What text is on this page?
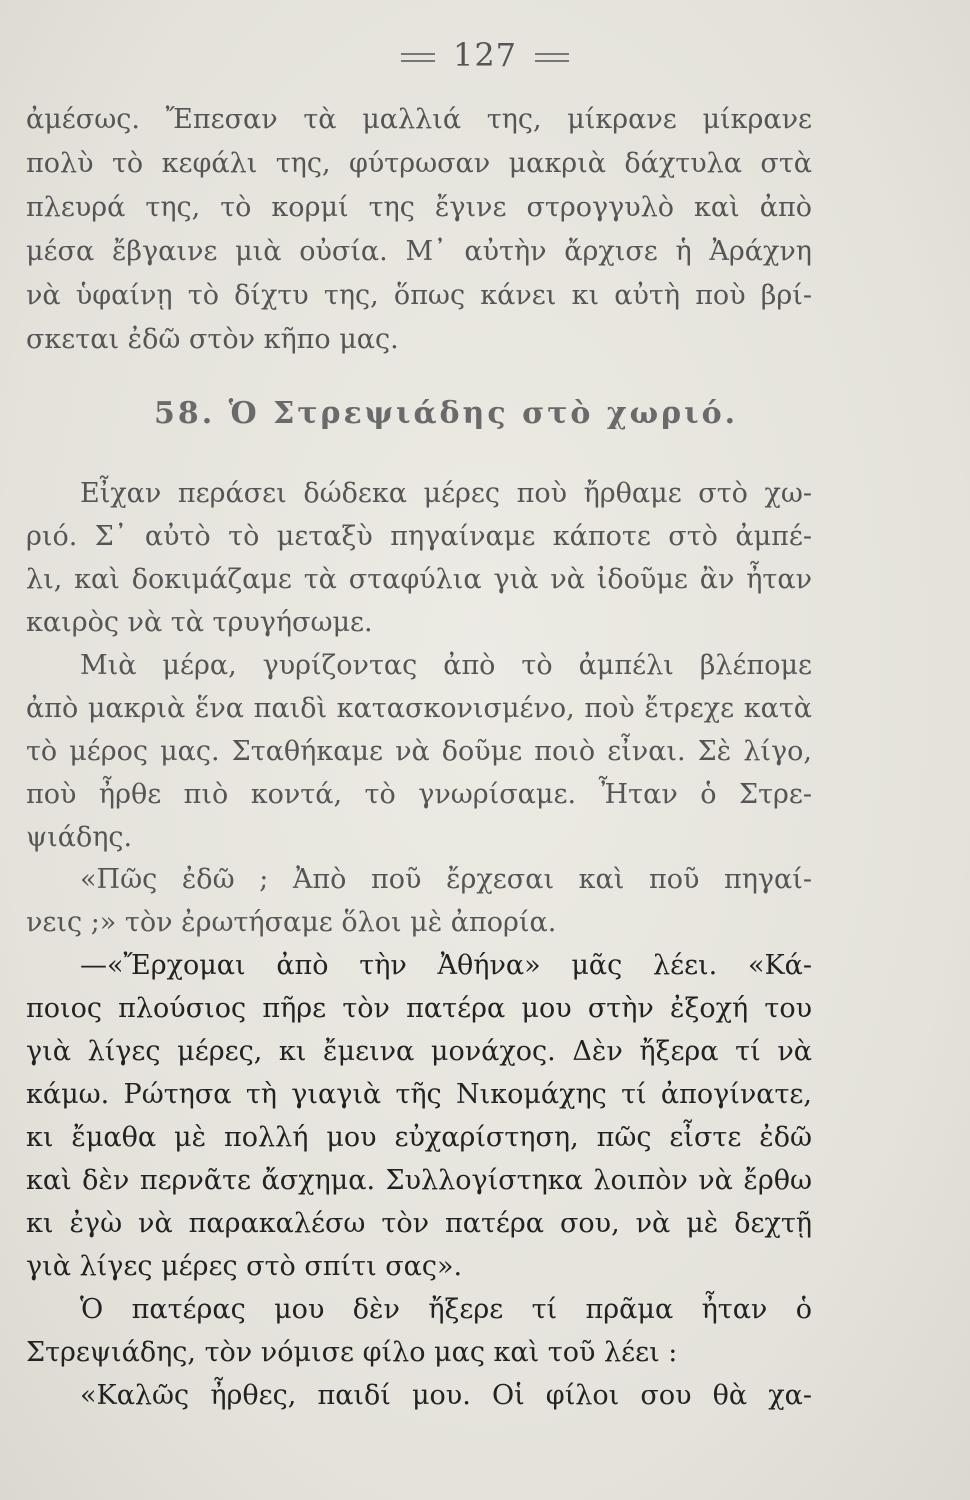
127
ἀμέσως. Ἔπεσαν τὰ μαλλιά της, μίκρανε μίκρανε
πολὺ τὸ κεφάλι της, φύτρωσαν μακριὰ δάχτυλα στὰ
πλευρά της, τὸ κορμί της ἔγινε στρογγυλὸ καὶ ἀπὸ
μέσα ἔβγαινε μιὰ οὐσία. Μ᾽ αὐτὴν ἄρχισε ἡ Ἀράχνη
νὰ ὑφαίνῃ τὸ δίχτυ της, ὅπως κάνει κι αὐτὴ ποὺ βρί-
σκεται ἐδῶ στὸν κῆπο μας.
58. Ὁ Στρεψιάδης στὸ χωριό.
Εἶχαν περάσει δώδεκα μέρες ποὺ ἤρθαμε στὸ χω-
ριό. Σ᾽ αὐτὸ τὸ μεταξὺ πηγαίναμε κάποτε στὸ ἀμπέ-
λι, καὶ δοκιμάζαμε τὰ σταφύλια γιὰ νὰ ἰδοῦμε ἂν ἦταν
καιρὸς νὰ τὰ τρυγήσωμε.
Μιὰ μέρα, γυρίζοντας ἀπὸ τὸ ἀμπέλι βλέπομε
ἀπὸ μακριὰ ἕνα παιδὶ κατασκονισμένο, ποὺ ἔτρεχε κατὰ
τὸ μέρος μας. Σταθήκαμε νὰ δοῦμε ποιὸ εἶναι. Σὲ λίγο,
ποὺ ἦρθε πιὸ κοντά, τὸ γνωρίσαμε. Ἦταν ὁ Στρε-
ψιάδης.
«Πῶς ἐδῶ ; Ἀπὸ ποῦ ἔρχεσαι καὶ ποῦ πηγαί-
νεις ;» τὸν ἐρωτήσαμε ὅλοι μὲ ἀπορία.
—«Ἔρχομαι ἀπὸ τὴν Ἀθήνα» μᾶς λέει. «Κά-
ποιος πλούσιος πῆρε τὸν πατέρα μου στὴν ἐξοχή του
γιὰ λίγες μέρες, κι ἔμεινα μονάχος. Δὲν ἤξερα τί νὰ
κάμω. Ρώτησα τὴ γιαγιὰ τῆς Νικομάχης τί ἀπογίνατε,
κι ἔμαθα μὲ πολλή μου εὐχαρίστηση, πῶς εἶστε ἐδῶ
καὶ δὲν περνᾶτε ἄσχημα. Συλλογίστηκα λοιπὸν νὰ ἔρθω
κι ἐγὼ νὰ παρακαλέσω τὸν πατέρα σου, νὰ μὲ δεχτῇ
γιὰ λίγες μέρες στὸ σπίτι σας».
Ὁ πατέρας μου δὲν ἤξερε τί πρᾶμα ἦταν ὁ
Στρεψιάδης, τὸν νόμισε φίλο μας καὶ τοῦ λέει :
«Καλῶς ἦρθες, παιδί μου. Οἱ φίλοι σου θὰ χα-
